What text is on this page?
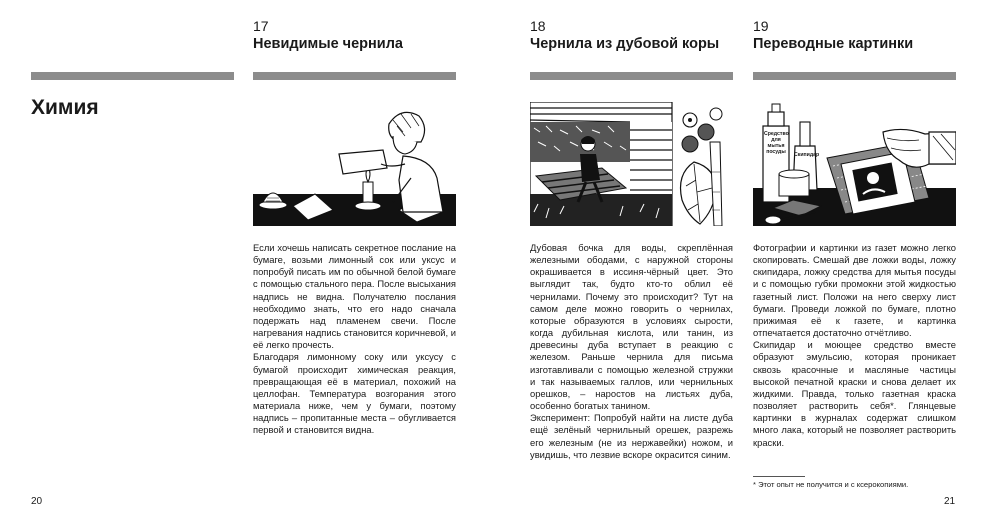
Химия
17
Невидимые чернила

Если хочешь написать секретное послание на бумаге, возьми лимонный сок или уксус и попробуй писать им по обычной белой бумаге с помощью стального пера. После высыхания надпись не видна. Получателю послания необходимо знать, что его надо сначала подержать над пламенем свечи. После нагревания надпись становится коричневой, и её легко прочесть.

Благодаря лимонному соку или уксусу с бумагой происходит химическая реакция, превращающая её в материал, похожий на целлофан. Температура возгорания этого материала ниже, чем у бумаги, поэтому надпись – пропитанные места – обугливается первой и становится видна.

18
Чернила из дубовой коры

Дубовая бочка для воды, скреплённая железными ободами, с наружной стороны окрашивается в иссиня-чёрный цвет. Это выглядит так, будто кто-то облил её чернилами. Почему это происходит? Тут на самом деле можно говорить о чернилах, которые образуются в условиях сырости, когда дубильная кислота, или танин, из древесины дуба вступает в реакцию с железом. Раньше чернила для письма изготавливали с помощью железной стружки и так называемых галлов, или чернильных орешков, – наростов на листьях дуба, особенно богатых танином.

Эксперимент: Попробуй найти на листе дуба ещё зелёный чернильный орешек, разрежь его железным (не из нержавейки) ножом, и увидишь, что лезвие вскоре окрасится синим.

19
Переводные картинки
Средство для мытья посуды	Скипидар

Фотографии и картинки из газет можно легко скопировать. Смешай две ложки воды, ложку скипидара, ложку средства для мытья посуды и с помощью губки промокни этой жидкостью газетный лист. Положи на него сверху лист бумаги. Проведи ложкой по бумаге, плотно прижимая её к газете, и картинка отпечатается достаточно отчётливо.

Скипидар и моющее средство вместе образуют эмульсию, которая проникает сквозь красочные и масляные частицы высокой печатной краски и снова делает их жидкими. Правда, только газетная краска позволяет растворить себя*. Глянцевые картинки в журналах содержат слишком много лака, который не позволяет растворить краски.

* Этот опыт не получится и с ксерокопиями.
20	21
